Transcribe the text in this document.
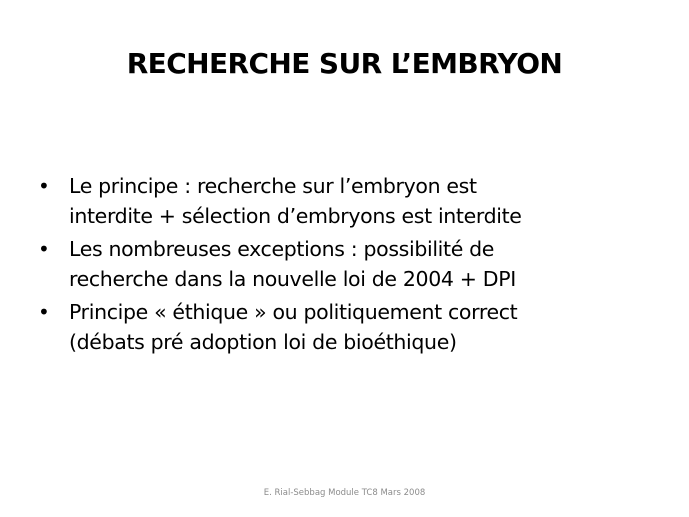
RECHERCHE SUR L’EMBRYON
• Le principe : recherche sur l’embryon est
interdite + sélection d’embryons est interdite
• Les nombreuses exceptions : possibilité de
recherche dans la nouvelle loi de 2004 + DPI
• Principe « éthique » ou politiquement correct
(débats pré adoption loi de bioéthique)
E. Rial-Sebbag Module TC8 Mars 2008
